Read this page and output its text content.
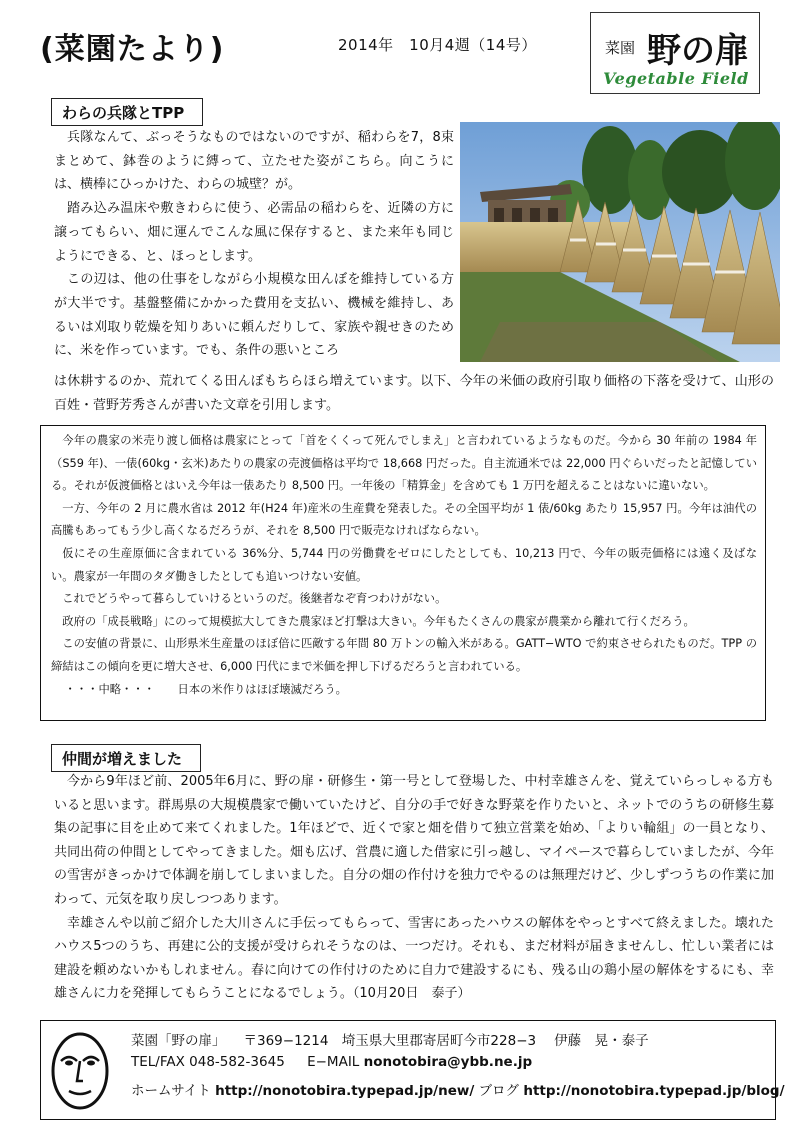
(菜園たより)	2014年　10月4週（14号）	菜園 野の扉
Vegetable Field
わらの兵隊とTPP

兵隊なんて、ぶっそうなものではないのですが、稲わらを7，8束まとめて、鉢巻のように縛って、立たせた姿がこちら。向こうには、横棒にひっかけた、わらの城壁？が。

踏み込み温床や敷きわらに使う、必需品の稲わらを、近隣の方に譲ってもらい、畑に運んでこんな風に保存すると、また来年も同じようにできる、と、ほっとします。

この辺は、他の仕事をしながら小規模な田んぼを維持している方が大半です。基盤整備にかかった費用を支払い、機械を維持し、あるいは刈取り乾燥を知りあいに頼んだりして、家族や親せきのために、米を作っています。でも、条件の悪いところ

は休耕するのか、荒れてくる田んぼもちらほら増えています。以下、今年の米価の政府引取り価格の下落を受けて、山形の百姓・菅野芳秀さんが書いた文章を引用します。

今年の農家の米売り渡し価格は農家にとって「首をくくって死んでしまえ」と言われているようなものだ。今から 30 年前の 1984 年（S59 年)、一俵(60kg・玄米)あたりの農家の売渡価格は平均で 18,668 円だった。自主流通米では 22,000 円ぐらいだったと記憶している。それが仮渡価格とはいえ今年は一俵あたり 8,500 円。一年後の「精算金」を含めても 1 万円を超えることはないに違いない。

一方、今年の 2 月に農水省は 2012 年(H24 年)産米の生産費を発表した。その全国平均が 1 俵/60kg あたり 15,957 円。今年は油代の高騰もあってもう少し高くなるだろうが、それを 8,500 円で販売なければならない。

仮にその生産原価に含まれている 36%分、5,744 円の労働費をゼロにしたとしても、10,213 円で、今年の販売価格には遠く及ばない。農家が一年間のタダ働きしたとしても追いつけない安値。

これでどうやって暮らしていけるというのだ。後継者なぞ育つわけがない。

政府の「成長戦略」にのって規模拡大してきた農家ほど打撃は大きい。今年もたくさんの農家が農業から離れて行くだろう。

この安値の背景に、山形県米生産量のほぼ倍に匹敵する年間 80 万トンの輸入米がある。GATT−WTO で約束させられたものだ。TPP の締結はこの傾向を更に増大させ、6,000 円代にまで米価を押し下げるだろうと言われている。

・・・中略・・・　　日本の米作りはほぼ壊滅だろう。

仲間が増えました

今から9年ほど前、2005年6月に、野の扉・研修生・第一号として登場した、中村幸雄さんを、覚えていらっしゃる方もいると思います。群馬県の大規模農家で働いていたけど、自分の手で好きな野菜を作りたいと、ネットでのうちの研修生募集の記事に目を止めて来てくれました。1年ほどで、近くで家と畑を借りて独立営業を始め、「よりい輪組」の一員となり、共同出荷の仲間としてやってきました。畑も広げ、営農に適した借家に引っ越し、マイペースで暮らしていましたが、今年の雪害がきっかけで体調を崩してしまいました。自分の畑の作付けを独力でやるのは無理だけど、少しずつうちの作業に加わって、元気を取り戻しつつあります。

幸雄さんや以前ご紹介した大川さんに手伝ってもらって、雪害にあったハウスの解体をやっとすべて終えました。壊れたハウス5つのうち、再建に公的支援が受けられそうなのは、一つだけ。それも、まだ材料が届きませんし、忙しい業者には建設を頼めないかもしれません。春に向けての作付けのために自力で建設するにも、残る山の鶏小屋の解体をするにも、幸雄さんに力を発揮してもらうことになるでしょう。（10月20日　泰子）

菜園「野の扉」 〒369−1214　埼玉県大里郡寄居町今市228−3 伊藤　晃・泰子
TEL/FAX 048-582-3645 E−MAIL nonotobira@ybb.ne.jp
ホームサイト http://nonotobira.typepad.jp/new/ ブログ http://nonotobira.typepad.jp/blog/
